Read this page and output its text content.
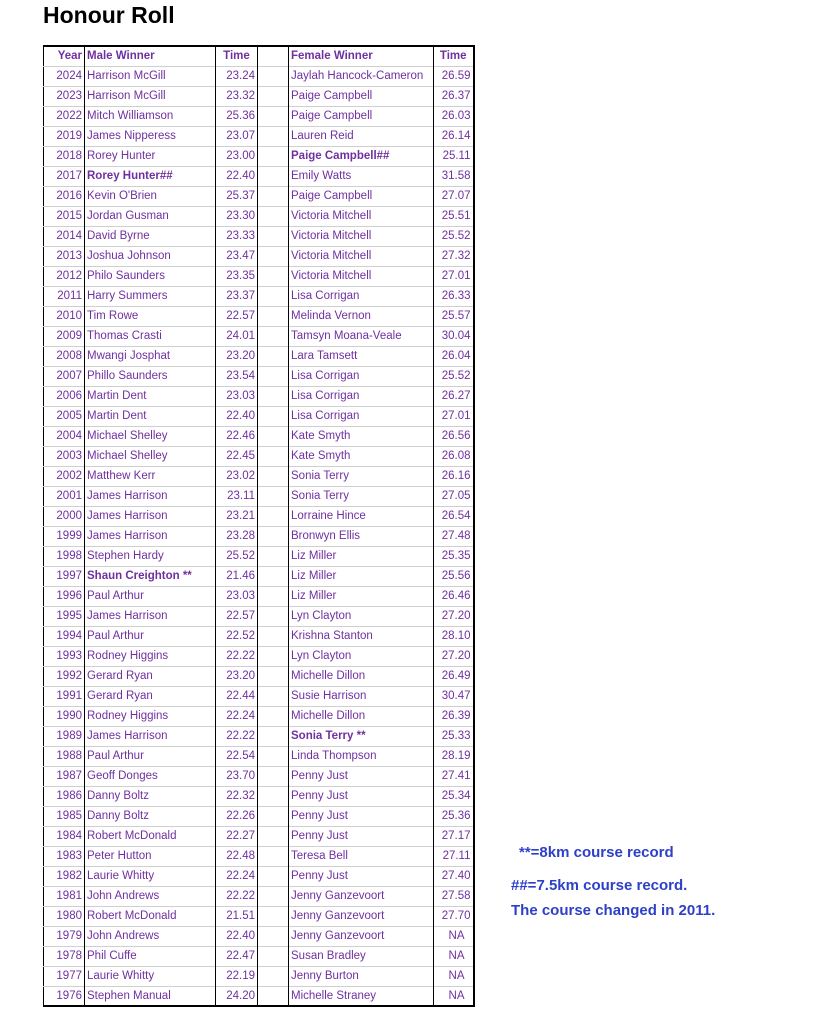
Honour Roll
Year	Male Winner	Time		Female Winner	Time
2024	Harrison McGill	23.24		Jaylah Hancock-Cameron	26.59
2023	Harrison McGill	23.32		Paige Campbell	26.37
2022	Mitch Williamson	25.36		Paige Campbell	26.03
2019	James Nipperess	23.07		Lauren Reid	26.14
2018	Rorey Hunter	23.00		Paige Campbell##	25.11
2017	Rorey Hunter##	22.40		Emily Watts	31.58
2016	Kevin O'Brien	25.37		Paige Campbell	27.07
2015	Jordan Gusman	23.30		Victoria Mitchell	25.51
2014	David Byrne	23.33		Victoria Mitchell	25.52
2013	Joshua Johnson	23.47		Victoria Mitchell	27.32
2012	Philo Saunders	23.35		Victoria Mitchell	27.01
2011	Harry Summers	23.37		Lisa Corrigan	26.33
2010	Tim Rowe	22.57		Melinda Vernon	25.57
2009	Thomas Crasti	24.01		Tamsyn Moana-Veale	30.04
2008	Mwangi Josphat	23.20		Lara Tamsett	26.04
2007	Phillo Saunders	23.54		Lisa Corrigan	25.52
2006	Martin Dent	23.03		Lisa Corrigan	26.27
2005	Martin Dent	22.40		Lisa Corrigan	27.01
2004	Michael Shelley	22.46		Kate Smyth	26.56
2003	Michael Shelley	22.45		Kate Smyth	26.08
2002	Matthew Kerr	23.02		Sonia Terry	26.16
2001	James Harrison	23.11		Sonia Terry	27.05
2000	James Harrison	23.21		Lorraine Hince	26.54
1999	James Harrison	23.28		Bronwyn Ellis	27.48
1998	Stephen Hardy	25.52		Liz Miller	25.35
1997	Shaun Creighton **	21.46		Liz Miller	25.56
1996	Paul Arthur	23.03		Liz Miller	26.46
1995	James Harrison	22.57		Lyn Clayton	27.20
1994	Paul Arthur	22.52		Krishna Stanton	28.10
1993	Rodney Higgins	22.22		Lyn Clayton	27.20
1992	Gerard Ryan	23.20		Michelle Dillon	26.49
1991	Gerard Ryan	22.44		Susie Harrison	30.47
1990	Rodney Higgins	22.24		Michelle Dillon	26.39
1989	James Harrison	22.22		Sonia Terry **	25.33
1988	Paul Arthur	22.54		Linda Thompson	28.19
1987	Geoff Donges	23.70		Penny Just	27.41
1986	Danny Boltz	22.32		Penny Just	25.34
1985	Danny Boltz	22.26		Penny Just	25.36
1984	Robert McDonald	22.27		Penny Just	27.17
1983	Peter Hutton	22.48		Teresa Bell	27.11
1982	Laurie Whitty	22.24		Penny Just	27.40
1981	John Andrews	22.22		Jenny Ganzevoort	27.58
1980	Robert McDonald	21.51		Jenny Ganzevoort	27.70
1979	John Andrews	22.40		Jenny Ganzevoort	NA
1978	Phil Cuffe	22.47		Susan Bradley	NA
1977	Laurie Whitty	22.19		Jenny Burton	NA
1976	Stephen Manual	24.20		Michelle Straney	NA
**=8km course record
##=7.5km course record.
The course changed in 2011.
